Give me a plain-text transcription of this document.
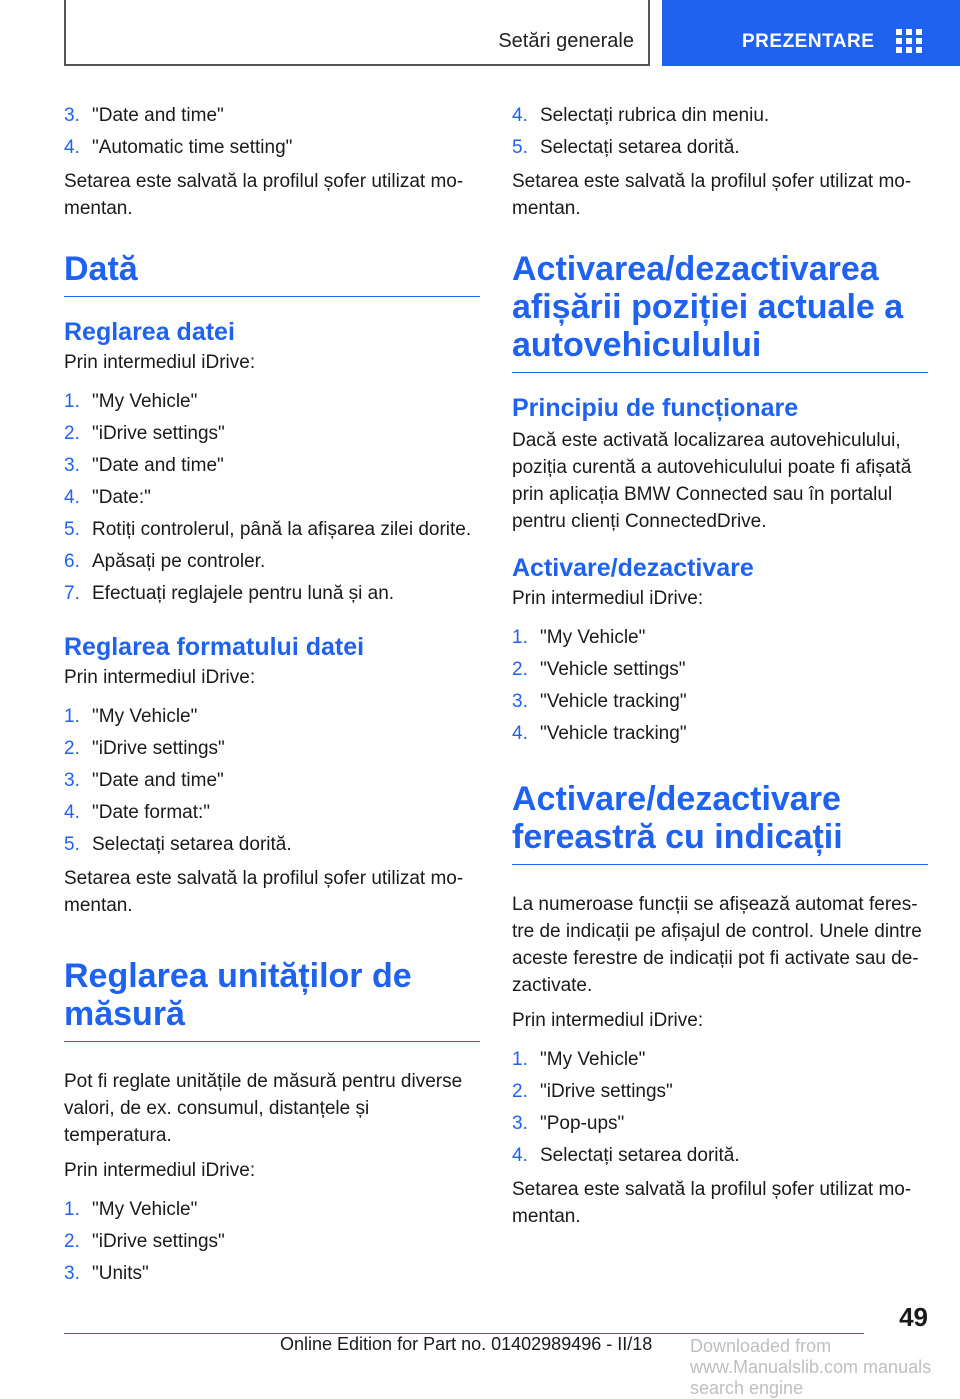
Setări generale	PREZENTARE
3. "Date and time"
4. "Automatic time setting"

Setarea este salvată la profilul șofer utilizat mo-mentan.

Dată
Reglarea datei

Prin intermediul iDrive:

1. "My Vehicle"
2. "iDrive settings"
3. "Date and time"
4. "Date:"
5. Rotiți controlerul, până la afișarea zilei dorite.
6. Apăsați pe controler.
7. Efectuați reglajele pentru lună și an.
Reglarea formatului datei

Prin intermediul iDrive:

1. "My Vehicle"
2. "iDrive settings"
3. "Date and time"
4. "Date format:"
5. Selectați setarea dorită.

Setarea este salvată la profilul șofer utilizat mo-mentan.

Reglarea unităților de măsură

Pot fi reglate unitățile de măsură pentru diverse valori, de ex. consumul, distanțele și temperatura.

Prin intermediul iDrive:

1. "My Vehicle"
2. "iDrive settings"
3. "Units"
4. Selectați rubrica din meniu.
5. Selectați setarea dorită.

Setarea este salvată la profilul șofer utilizat mo-mentan.

Activarea/dezactivarea afișării poziției actuale a autovehiculului
Principiu de funcționare

Dacă este activată localizarea autovehiculului, poziția curentă a autovehiculului poate fi afișată prin aplicația BMW Connected sau în portalul pentru clienți ConnectedDrive.

Activare/dezactivare

Prin intermediul iDrive:

1. "My Vehicle"
2. "Vehicle settings"
3. "Vehicle tracking"
4. "Vehicle tracking"
Activare/dezactivare fereastră cu indicații

La numeroase funcții se afișează automat feres-tre de indicații pe afișajul de control. Unele dintre aceste ferestre de indicații pot fi activate sau de-zactivate.

Prin intermediul iDrive:

1. "My Vehicle"
2. "iDrive settings"
3. "Pop-ups"
4. Selectați setarea dorită.

Setarea este salvată la profilul șofer utilizat mo-mentan.

49
Online Edition for Part no. 01402989496 - II/18 Downloaded from www.Manualslib.com manuals search engine
